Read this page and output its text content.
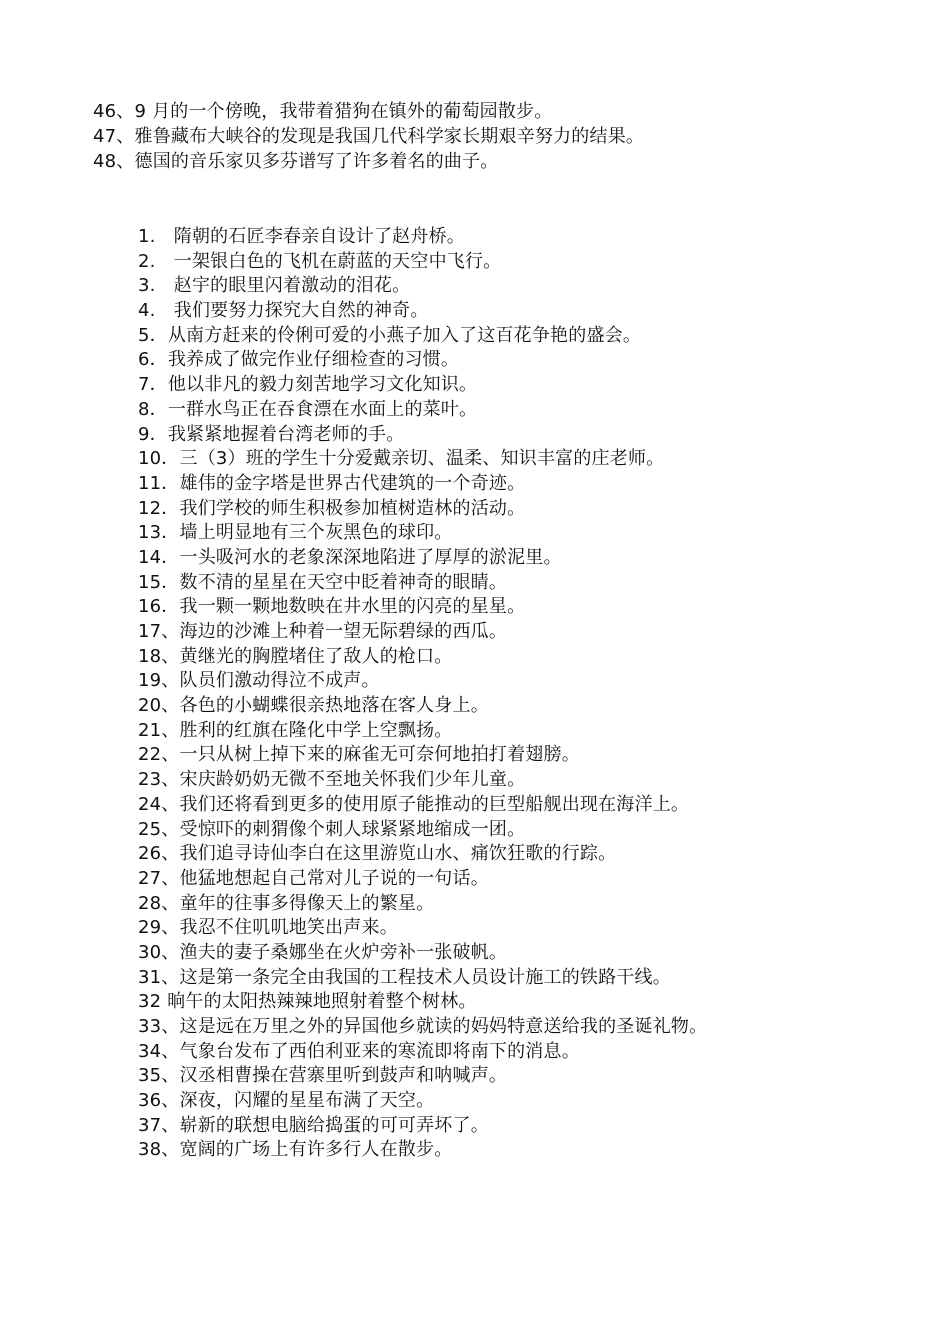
46、9 月的一个傍晚，我带着猎狗在镇外的葡萄园散步。
47、雅鲁藏布大峡谷的发现是我国几代科学家长期艰辛努力的结果。
48、德国的音乐家贝多芬谱写了许多着名的曲子。
1.　隋朝的石匠李春亲自设计了赵舟桥。
2.　一架银白色的飞机在蔚蓝的天空中飞行。
3.　赵宇的眼里闪着激动的泪花。
4.　我们要努力探究大自然的神奇。
5．从南方赶来的伶俐可爱的小燕子加入了这百花争艳的盛会。
6．我养成了做完作业仔细检查的习惯。
7．他以非凡的毅力刻苦地学习文化知识。
8．一群水鸟正在吞食漂在水面上的菜叶。
9．我紧紧地握着台湾老师的手。
10．三（3）班的学生十分爱戴亲切、温柔、知识丰富的庄老师。
11．雄伟的金字塔是世界古代建筑的一个奇迹。
12．我们学校的师生积极参加植树造林的活动。
13．墙上明显地有三个灰黑色的球印。
14．一头吸河水的老象深深地陷进了厚厚的淤泥里。
15．数不清的星星在天空中眨着神奇的眼睛。
16．我一颗一颗地数映在井水里的闪亮的星星。
17、海边的沙滩上种着一望无际碧绿的西瓜。
18、黄继光的胸膛堵住了敌人的枪口。
19、队员们激动得泣不成声。
20、各色的小蝴蝶很亲热地落在客人身上。
21、胜利的红旗在隆化中学上空飘扬。
22、一只从树上掉下来的麻雀无可奈何地拍打着翅膀。
23、宋庆龄奶奶无微不至地关怀我们少年儿童。
24、我们还将看到更多的使用原子能推动的巨型船舰出现在海洋上。
25、受惊吓的刺猬像个刺人球紧紧地缩成一团。
26、我们追寻诗仙李白在这里游览山水、痛饮狂歌的行踪。
27、他猛地想起自己常对儿子说的一句话。
28、童年的往事多得像天上的繁星。
29、我忍不住叽叽地笑出声来。
30、渔夫的妻子桑娜坐在火炉旁补一张破帆。
31、这是第一条完全由我国的工程技术人员设计施工的铁路干线。
32 晌午的太阳热辣辣地照射着整个树林。
33、这是远在万里之外的异国他乡就读的妈妈特意送给我的圣诞礼物。
34、气象台发布了西伯利亚来的寒流即将南下的消息。
35、汉丞相曹操在营寨里听到鼓声和呐喊声。
36、深夜，闪耀的星星布满了天空。
37、崭新的联想电脑给捣蛋的可可弄坏了。
38、宽阔的广场上有许多行人在散步。
